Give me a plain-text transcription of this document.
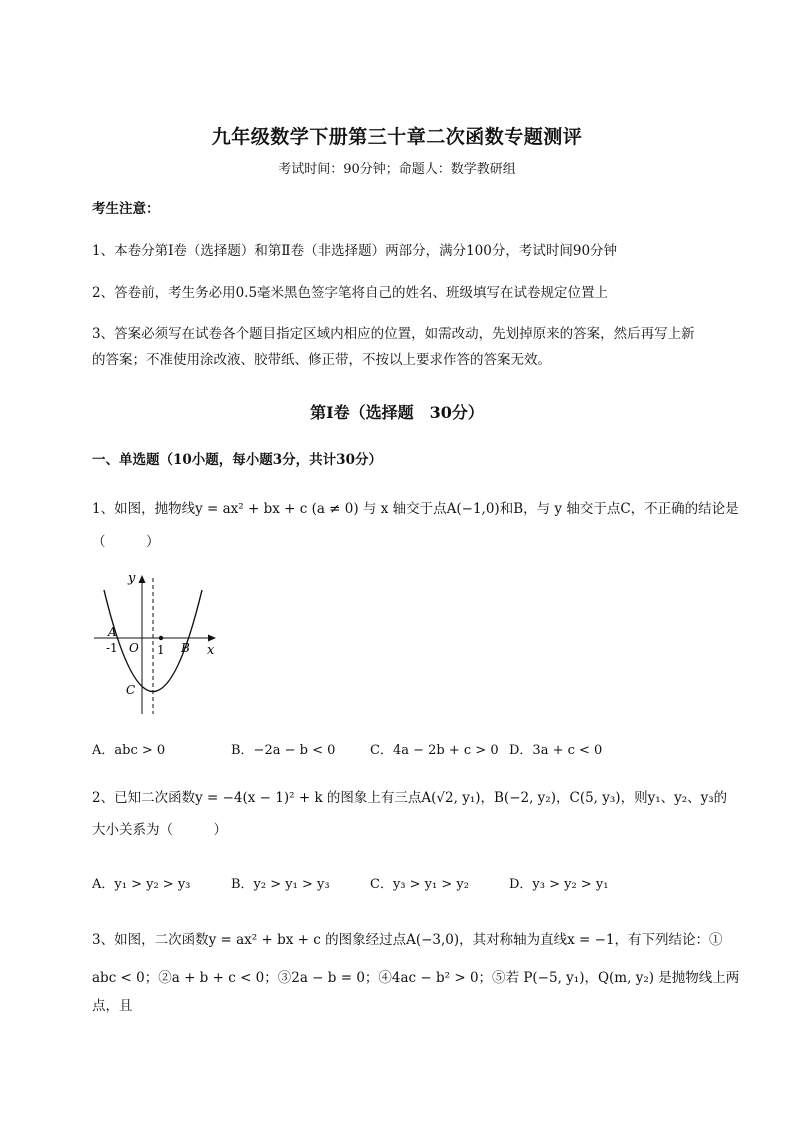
九年级数学下册第三十章二次函数专题测评
考试时间：90分钟；命题人：数学教研组
考生注意：
1、本卷分第Ⅰ卷（选择题）和第Ⅱ卷（非选择题）两部分，满分100分，考试时间90分钟
2、答卷前，考生务必用0.5毫米黑色签字笔将自己的姓名、班级填写在试卷规定位置上
3、答案必须写在试卷各个题目指定区域内相应的位置，如需改动，先划掉原来的答案，然后再写上新
的答案；不准使用涂改液、胶带纸、修正带，不按以上要求作答的答案无效。
第Ⅰ卷（选择题　30分）
一、单选题（10小题，每小题3分，共计30分）
1、如图，抛物线y = ax² + bx + c (a ≠ 0) 与 x 轴交于点A(−1,0)和B，与 y 轴交于点C，不正确的结论是
（　　　）
y
x
A
-1 O 1 B
C
A．abc > 0	B．−2a − b < 0	C．4a − 2b + c > 0 D．3a + c < 0
2、已知二次函数y = −4(x − 1)² + k 的图象上有三点A(√2, y₁)，B(−2, y₂)，C(5, y₃)，则y₁、y₂、y₃的
大小关系为（　　　）
A．y₁ > y₂ > y₃	B．y₂ > y₁ > y₃	C．y₃ > y₁ > y₂	D．y₃ > y₂ > y₁
3、如图，二次函数y = ax² + bx + c 的图象经过点A(−3,0)，其对称轴为直线x = −1，有下列结论：①
abc < 0；②a + b + c < 0；③2a − b = 0；④4ac − b² > 0；⑤若 P(−5, y₁)，Q(m, y₂) 是抛物线上两点，且
